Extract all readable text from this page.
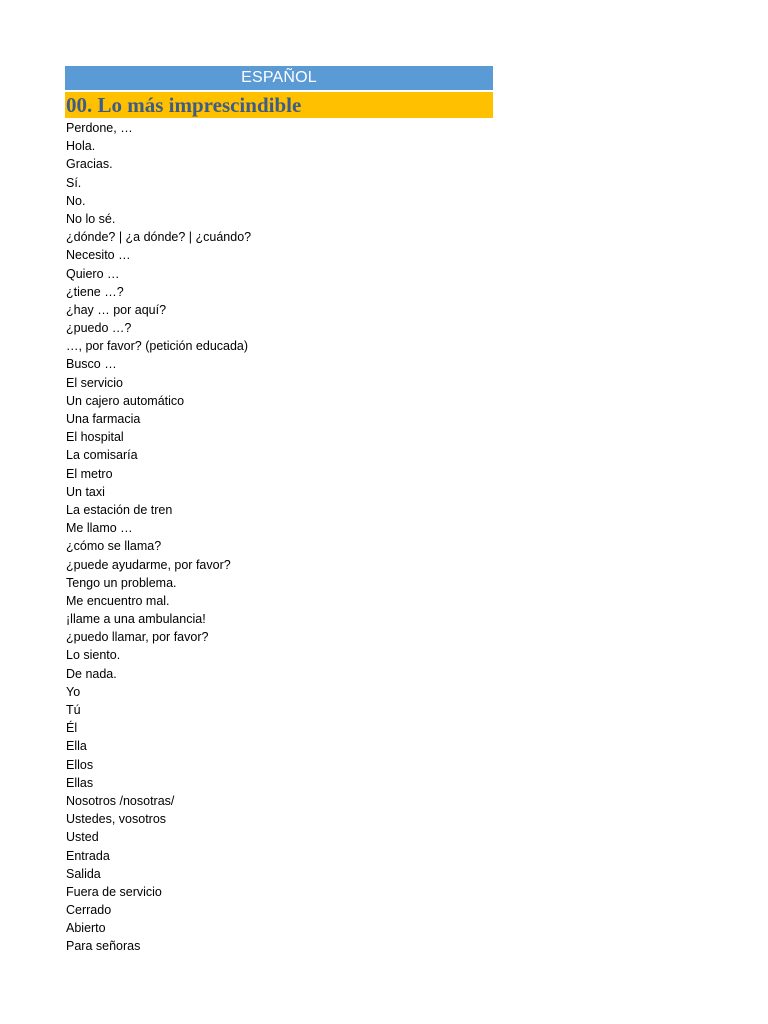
ESPAÑOL
00. Lo más imprescindible
Perdone, …
Hola.
Gracias.
Sí.
No.
No lo sé.
¿dónde? | ¿a dónde? | ¿cuándo?
Necesito …
Quiero …
¿tiene …?
¿hay … por aquí?
¿puedo …?
…, por favor? (petición educada)
Busco …
El servicio
Un cajero automático
Una farmacia
El hospital
La comisaría
El metro
Un taxi
La estación de tren
Me llamo …
¿cómo se llama?
¿puede ayudarme, por favor?
Tengo un problema.
Me encuentro mal.
¡llame a una ambulancia!
¿puedo llamar, por favor?
Lo siento.
De nada.
Yo
Tú
Él
Ella
Ellos
Ellas
Nosotros /nosotras/
Ustedes, vosotros
Usted
Entrada
Salida
Fuera de servicio
Cerrado
Abierto
Para señoras
